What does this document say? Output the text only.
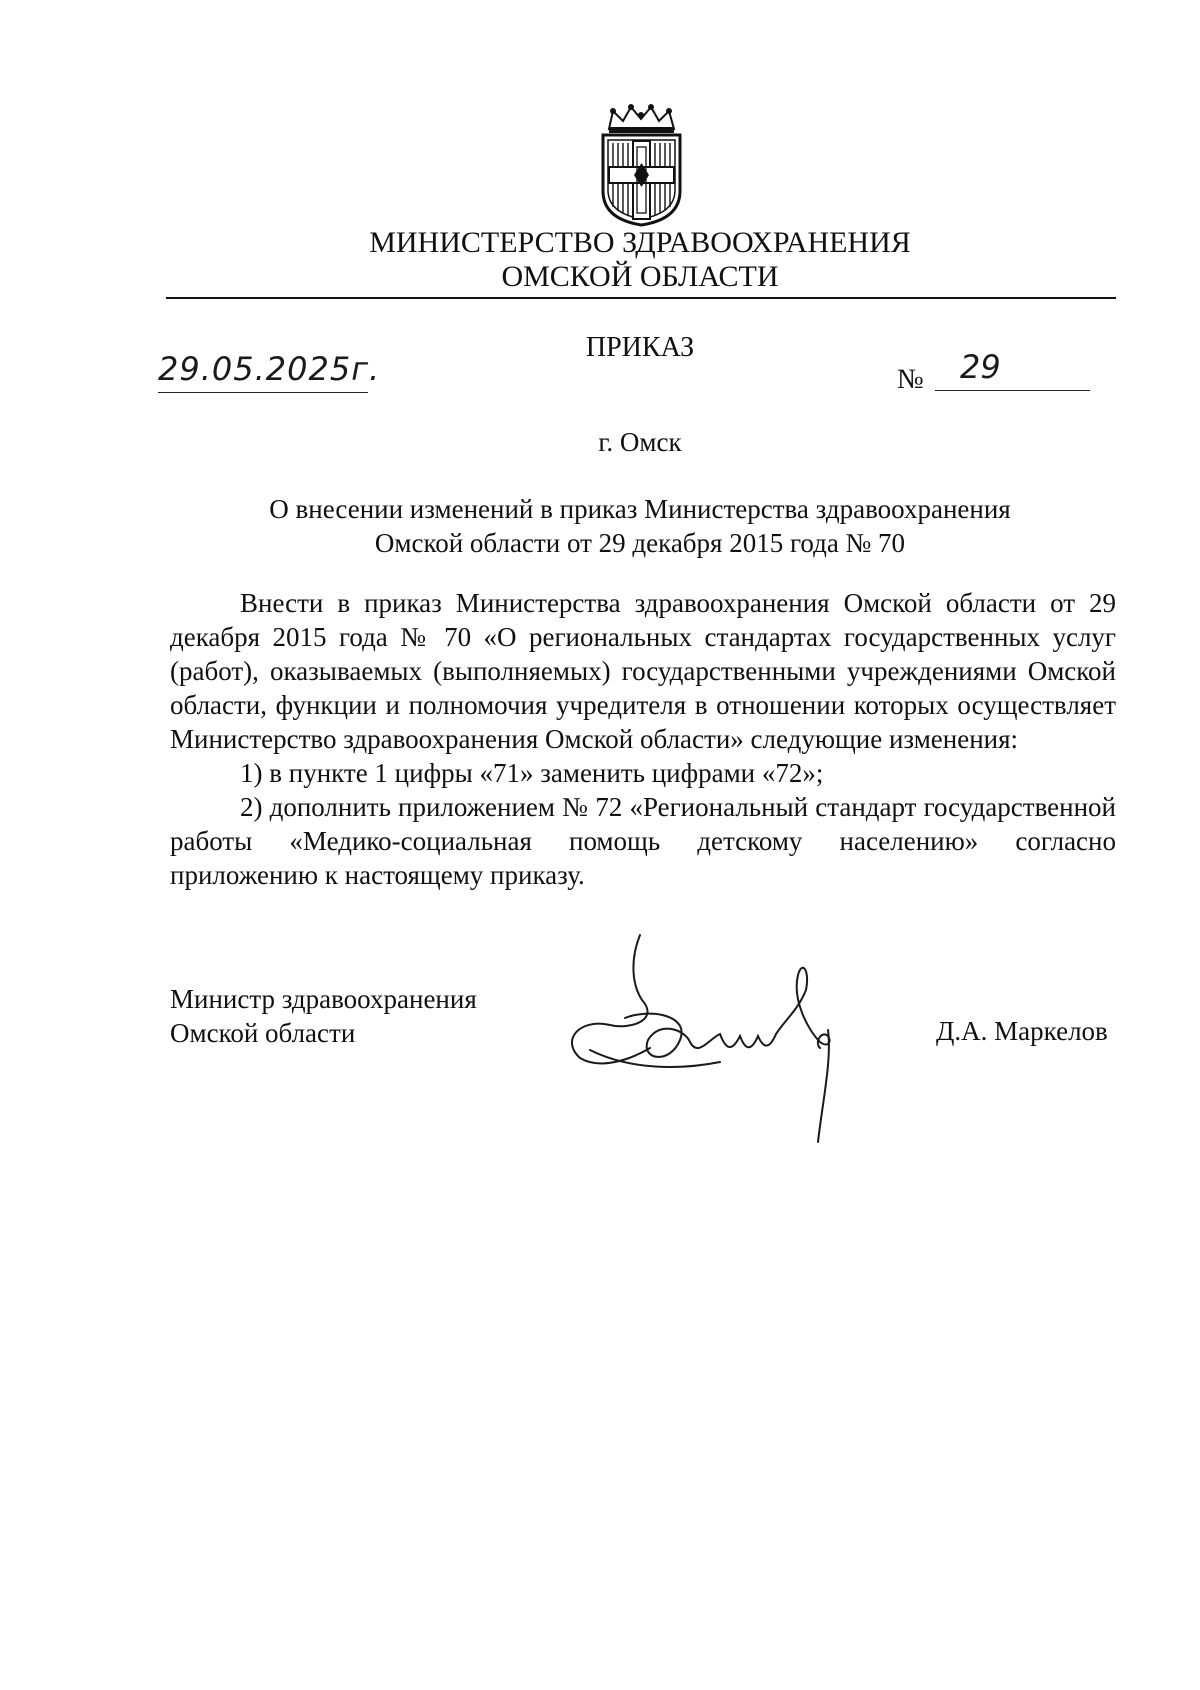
МИНИСТЕРСТВО ЗДРАВООХРАНЕНИЯ
ОМСКОЙ ОБЛАСТИ
ПРИКАЗ
29.05.2025г.	№ 29
г. Омск
О внесении изменений в приказ Министерства здравоохранения
Омской области от 29 декабря 2015 года № 70

Внести в приказ Министерства здравоохранения Омской области от 29 декабря 2015 года № 70 «О региональных стандартах государственных услуг (работ), оказываемых (выполняемых) государственными учреждениями Омской области, функции и полномочия учредителя в отношении которых осуществляет Министерство здравоохранения Омской области» следующие изменения:

1) в пункте 1 цифры «71» заменить цифрами «72»;

2) дополнить приложением № 72 «Региональный стандарт государственной работы «Медико-социальная помощь детскому населению» согласно приложению к настоящему приказу.

Министр здравоохранения
Омской области	Д.А. Маркелов
